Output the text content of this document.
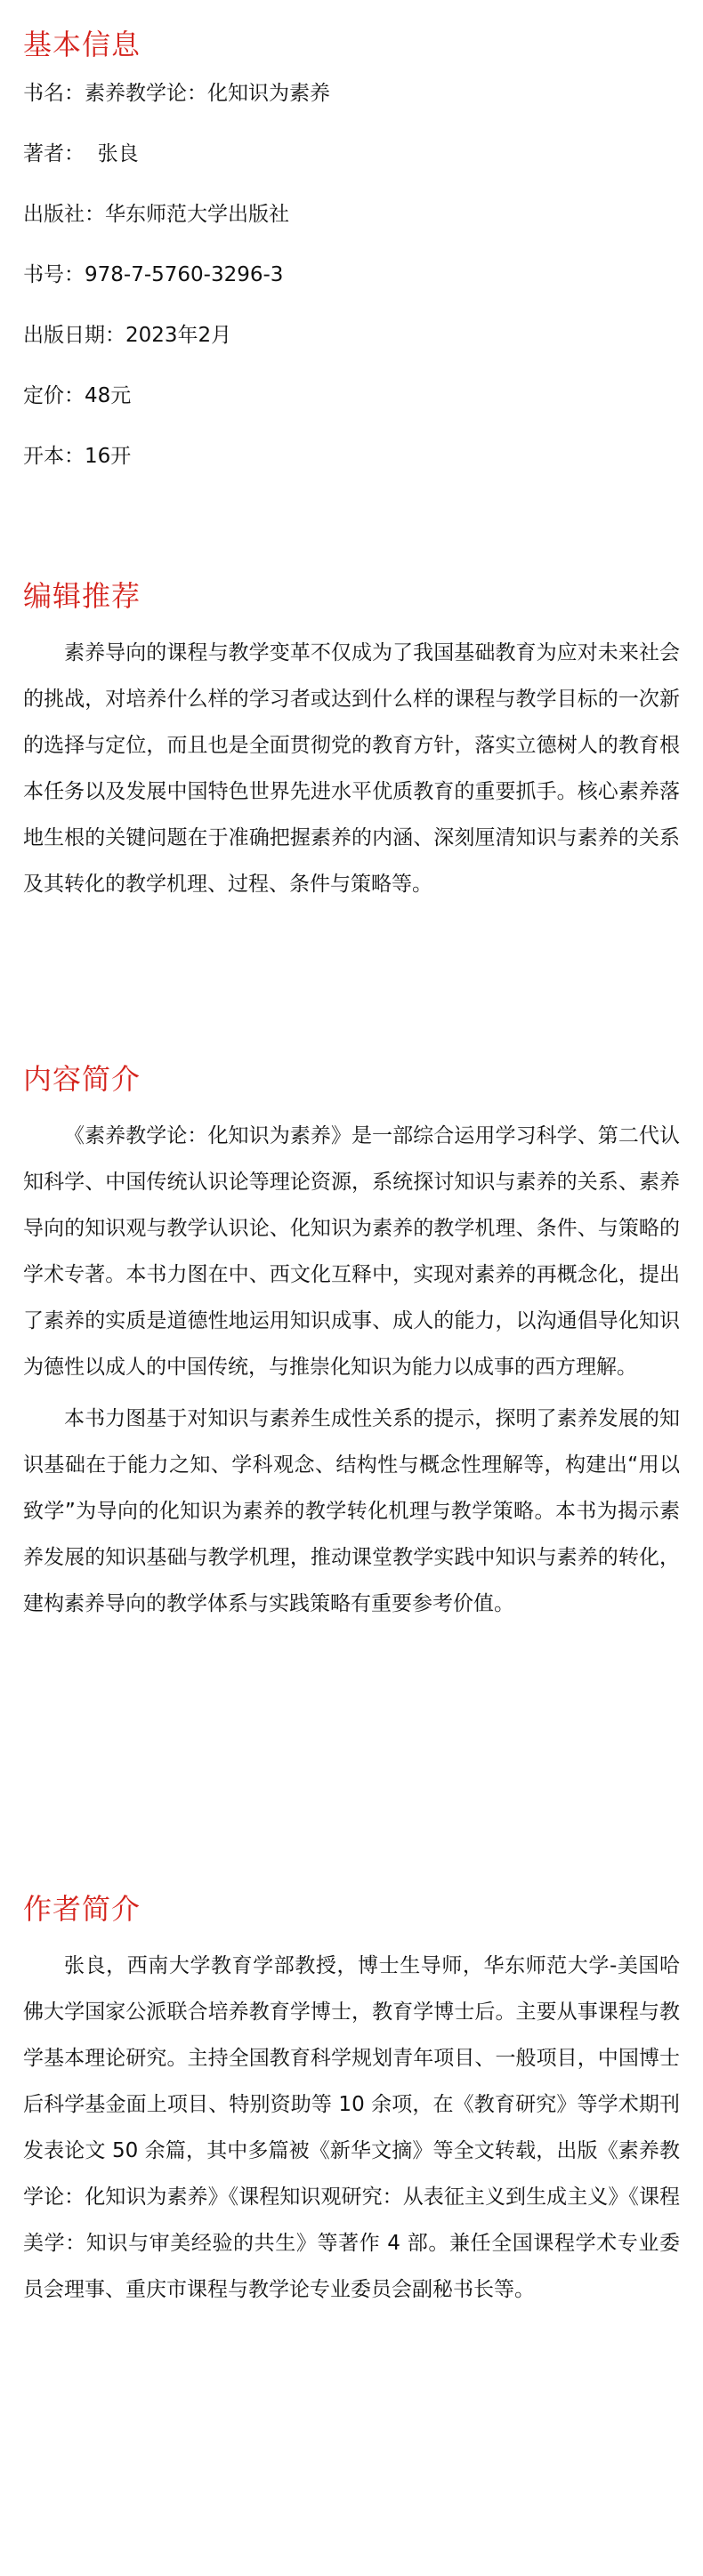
基本信息
书名：素养教学论：化知识为素养
著者：  张良
出版社：华东师范大学出版社
书号：978-7-5760-3296-3
出版日期：2023年2月
定价：48元
开本：16开
编辑推荐

素养导向的课程与教学变革不仅成为了我国基础教育为应对未来社会的挑战，对培养什么样的学习者或达到什么样的课程与教学目标的一次新的选择与定位，而且也是全面贯彻党的教育方针，落实立德树人的教育根本任务以及发展中国特色世界先进水平优质教育的重要抓手。核心素养落地生根的关键问题在于准确把握素养的内涵、深刻厘清知识与素养的关系及其转化的教学机理、过程、条件与策略等。

内容简介

《素养教学论：化知识为素养》是一部综合运用学习科学、第二代认知科学、中国传统认识论等理论资源，系统探讨知识与素养的关系、素养导向的知识观与教学认识论、化知识为素养的教学机理、条件、与策略的学术专著。本书力图在中、西文化互释中，实现对素养的再概念化，提出了素养的实质是道德性地运用知识成事、成人的能力，以沟通倡导化知识为德性以成人的中国传统，与推崇化知识为能力以成事的西方理解。

本书力图基于对知识与素养生成性关系的提示，探明了素养发展的知识基础在于能力之知、学科观念、结构性与概念性理解等，构建出“用以致学”为导向的化知识为素养的教学转化机理与教学策略。本书为揭示素养发展的知识基础与教学机理，推动课堂教学实践中知识与素养的转化，建构素养导向的教学体系与实践策略有重要参考价值。

作者简介

张良，西南大学教育学部教授，博士生导师，华东师范大学-美国哈佛大学国家公派联合培养教育学博士，教育学博士后。主要从事课程与教学基本理论研究。主持全国教育科学规划青年项目、一般项目，中国博士后科学基金面上项目、特别资助等 10 余项，在《教育研究》等学术期刊发表论文 50 余篇，其中多篇被《新华文摘》等全文转载，出版《素养教学论：化知识为素养》《课程知识观研究：从表征主义到生成主义》《课程美学：知识与审美经验的共生》等著作 4 部。兼任全国课程学术专业委员会理事、重庆市课程与教学论专业委员会副秘书长等。
